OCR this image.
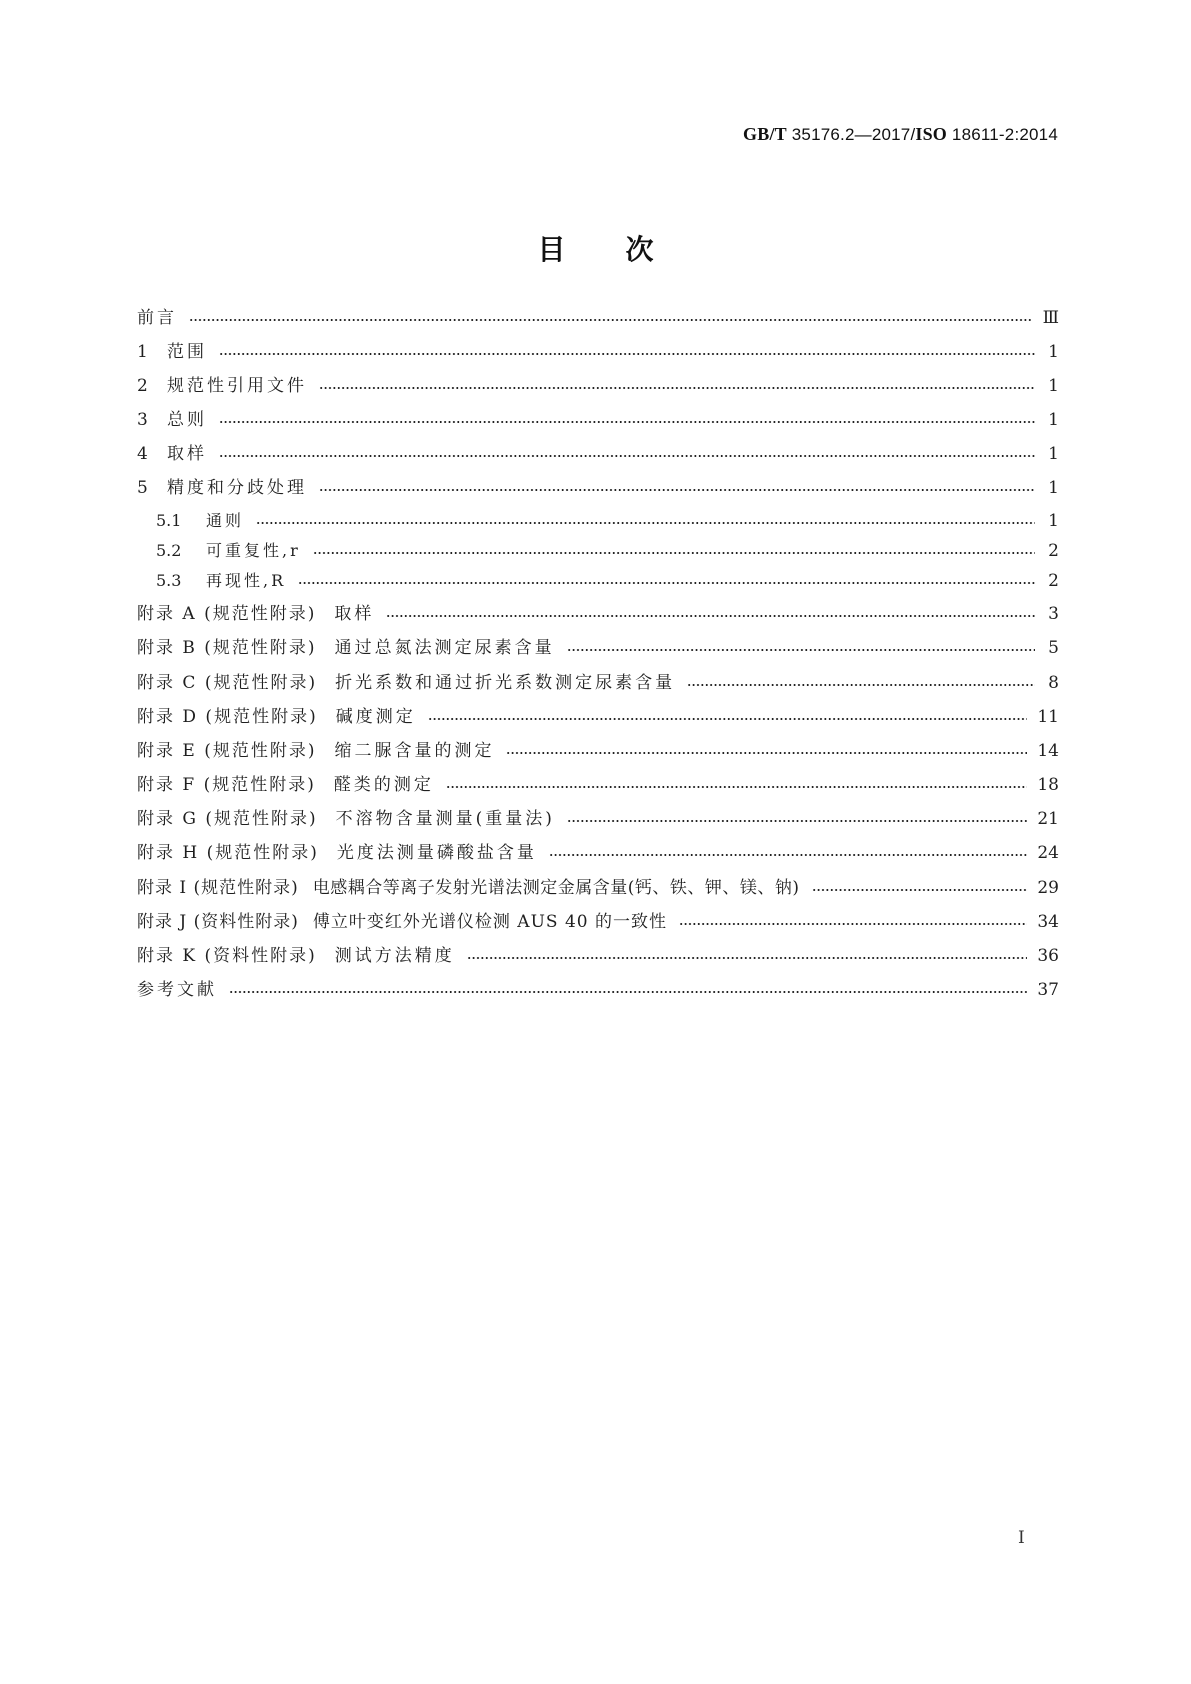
GB/T 35176.2—2017/ISO 18611-2:2014
目 次
前言	Ⅲ
1	范围	1
2	规范性引用文件	1
3	总则	1
4	取样	1
5	精度和分歧处理	1
5.1	通则	1
5.2	可重复性,r	2
5.3	再现性,R	2
附录 A (规范性附录) 取样	3
附录 B (规范性附录) 通过总氮法测定尿素含量	5
附录 C (规范性附录) 折光系数和通过折光系数测定尿素含量	8
附录 D (规范性附录) 碱度测定	11
附录 E (规范性附录) 缩二脲含量的测定	14
附录 F (规范性附录) 醛类的测定	18
附录 G (规范性附录) 不溶物含量测量(重量法)	21
附录 H (规范性附录) 光度法测量磷酸盐含量	24
附录 I (规范性附录) 电感耦合等离子发射光谱法测定金属含量(钙、铁、钾、镁、钠)	29
附录 J (资料性附录) 傅立叶变红外光谱仪检测 AUS 40 的一致性	34
附录 K (资料性附录) 测试方法精度	36
参考文献	37
I
